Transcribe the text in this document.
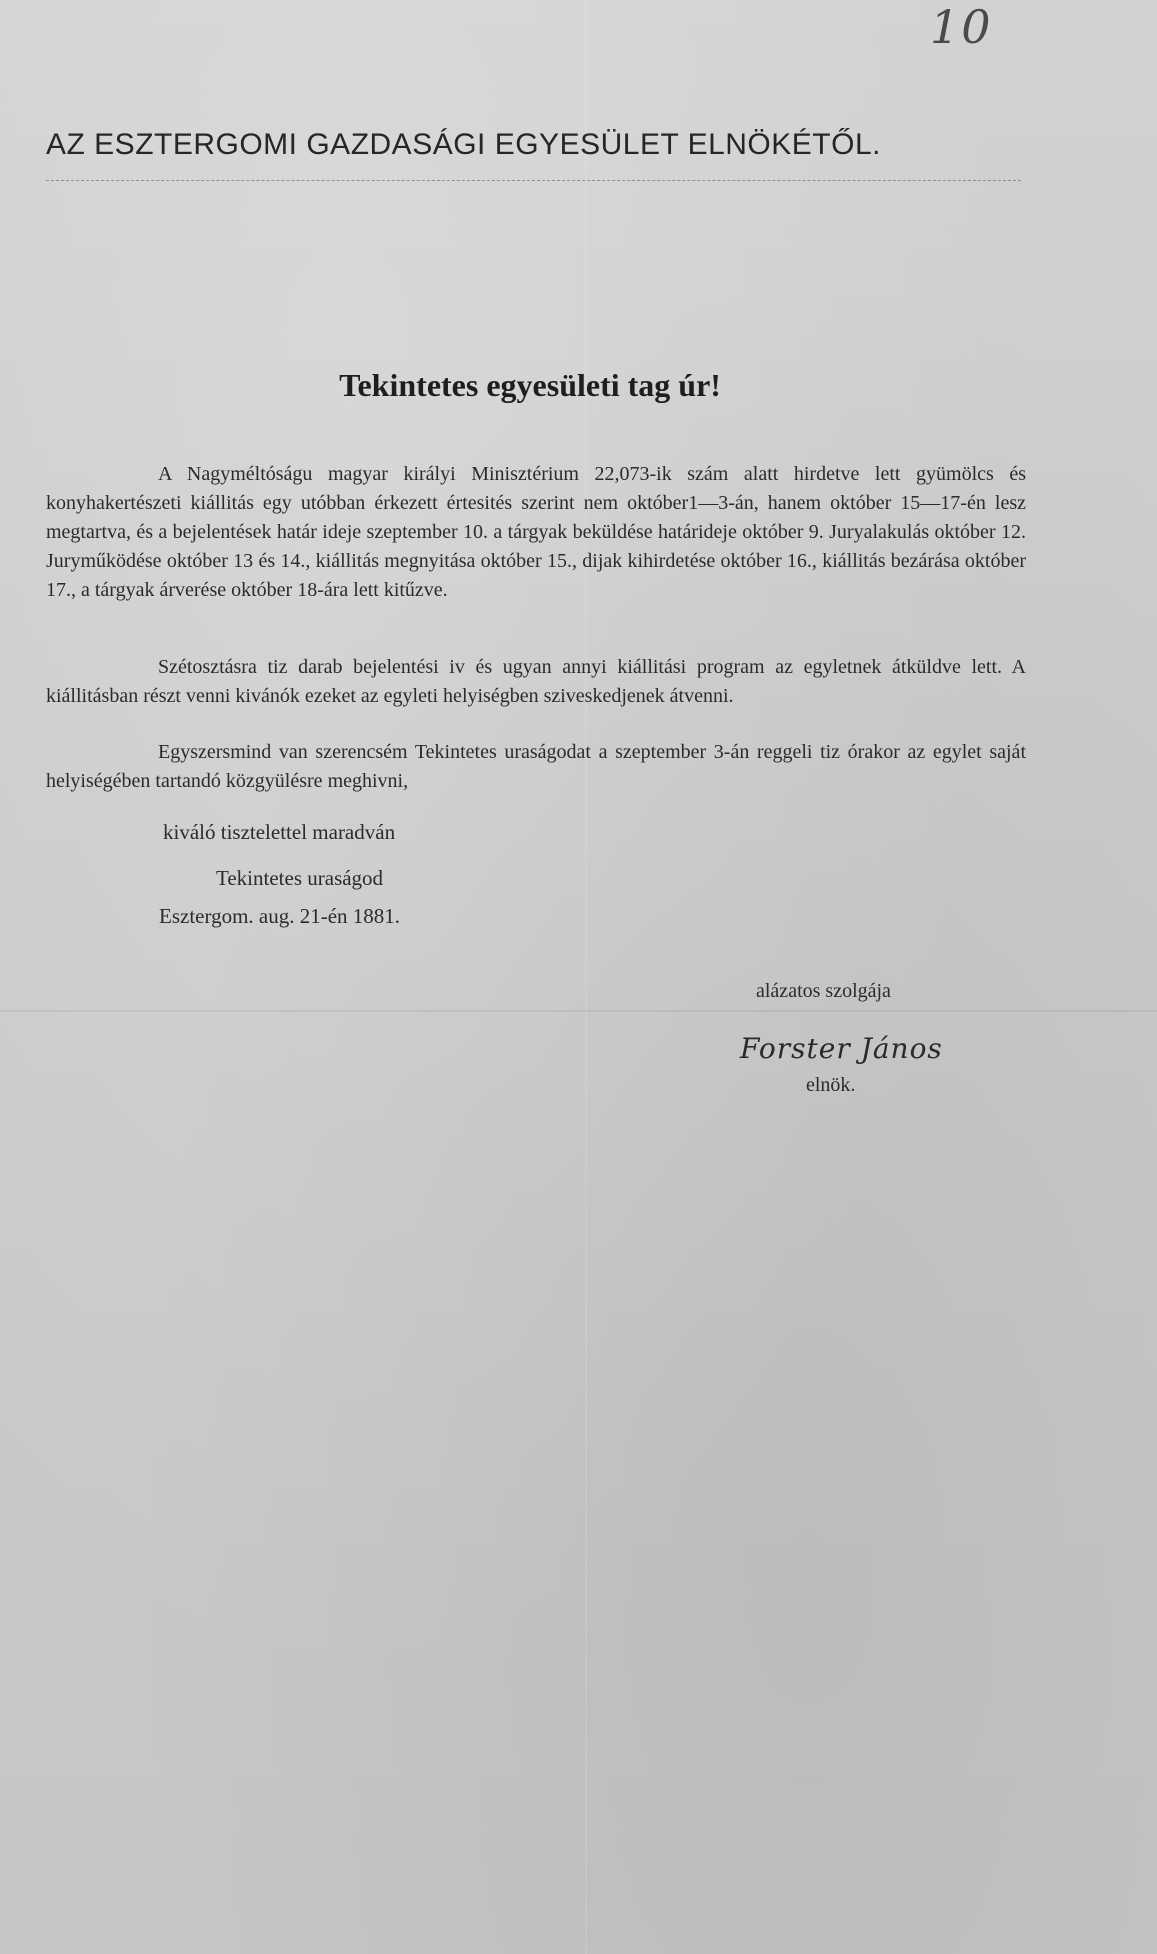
10
AZ ESZTERGOMI GAZDASÁGI EGYESÜLET ELNÖKÉTŐL.
Tekintetes egyesületi tag úr!

A Nagyméltóságu magyar királyi Minisztérium 22,073-ik szám alatt hirdetve lett gyümölcs és konyhakertészeti kiállitás egy utóbban érkezett értesités szerint nem október1—3-án, hanem október 15—17-én lesz megtartva, és a bejelentések határ ideje szeptember 10. a tárgyak beküldése határideje október 9. Juryalakulás október 12. Juryműködése október 13 és 14., kiállitás megnyitása október 15., dijak kihirdetése október 16., kiállitás bezárása október 17., a tárgyak árverése október 18-ára lett kitűzve.

Szétosztásra tiz darab bejelentési iv és ugyan annyi kiállitási program az egyletnek átküldve lett. A kiállitásban részt venni kivánók ezeket az egyleti helyiségben sziveskedjenek átvenni.

Egyszersmind van szerencsém Tekintetes uraságodat a szeptember 3-án reggeli tiz órakor az egylet saját helyiségében tartandó közgyülésre meghivni,

kiváló tisztelettel maradván
Tekintetes uraságod
Esztergom. aug. 21-én 1881.
alázatos szolgája
Forster János
elnök.
